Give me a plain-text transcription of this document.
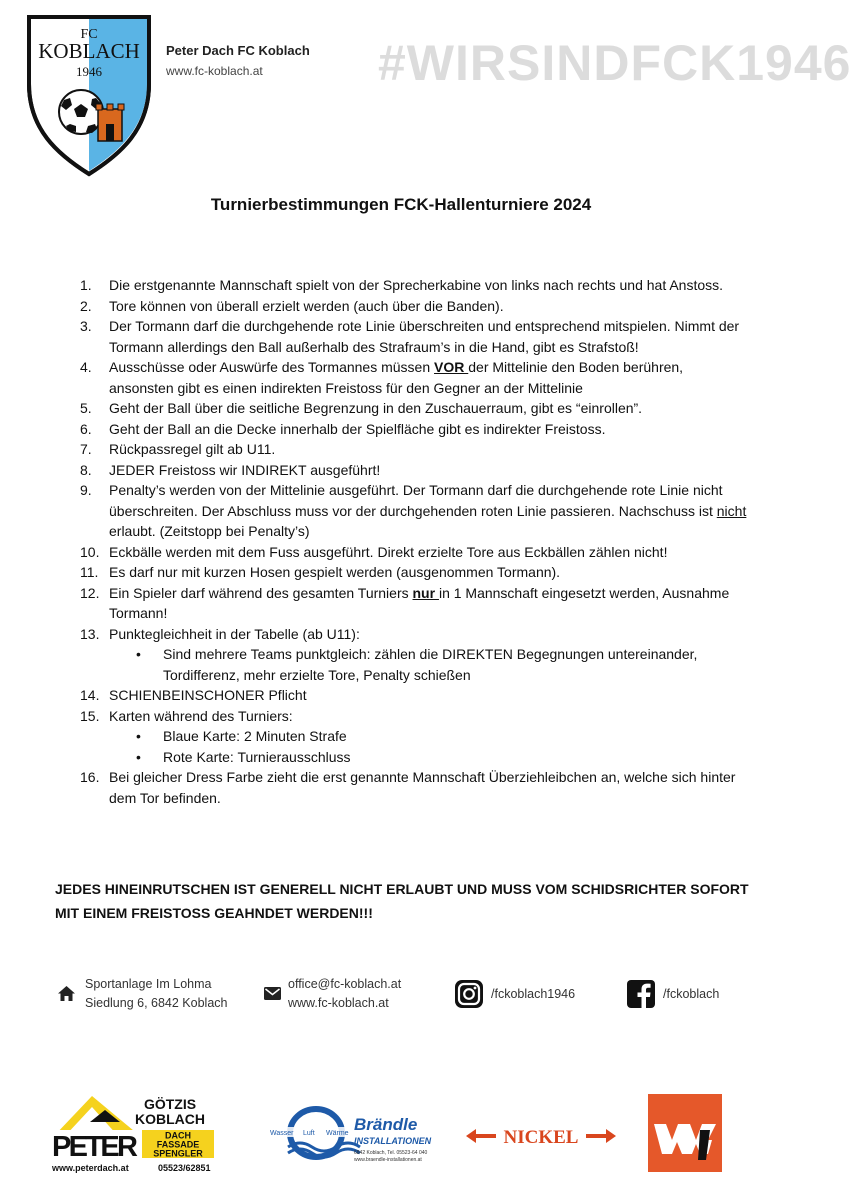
FC
KOBLACH
1946
Peter Dach FC Koblach
www.fc-koblach.at #WIRSINDFCK1946
Turnierbestimmungen FCK-Hallenturniere 2024
1. Die erstgenannte Mannschaft spielt von der Sprecherkabine von links nach rechts und hat Anstoss.
2. Tore können von überall erzielt werden (auch über die Banden).
3. Der Tormann darf die durchgehende rote Linie überschreiten und entsprechend mitspielen. Nimmt der Tormann allerdings den Ball außerhalb des Strafraum’s in die Hand, gibt es Strafstoß!
4. Ausschüsse oder Auswürfe des Tormannes müssen VOR der Mittelinie den Boden berühren, ansonsten gibt es einen indirekten Freistoss für den Gegner an der Mittelinie
5. Geht der Ball über die seitliche Begrenzung in den Zuschauerraum, gibt es “einrollen”.
6. Geht der Ball an die Decke innerhalb der Spielfläche gibt es indirekter Freistoss.
7. Rückpassregel gilt ab U11.
8. JEDER Freistoss wir INDIREKT ausgeführt!
9. Penalty’s werden von der Mittelinie ausgeführt. Der Tormann darf die durchgehende rote Linie nicht überschreiten. Der Abschluss muss vor der durchgehenden roten Linie passieren. Nachschuss ist nicht erlaubt. (Zeitstopp bei Penalty’s)
10. Eckbälle werden mit dem Fuss ausgeführt. Direkt erzielte Tore aus Eckbällen zählen nicht!
11. Es darf nur mit kurzen Hosen gespielt werden (ausgenommen Tormann).
12. Ein Spieler darf während des gesamten Turniers nur in 1 Mannschaft eingesetzt werden, Ausnahme Tormann!
13. Punktegleichheit in der Tabelle (ab U11):
• Sind mehrere Teams punktgleich: zählen die DIREKTEN Begegnungen untereinander, Tordifferenz, mehr erzielte Tore, Penalty schießen
14. SCHIENBEINSCHONER Pflicht
15. Karten während des Turniers:
• Blaue Karte: 2 Minuten Strafe
• Rote Karte: Turnierausschluss
16. Bei gleicher Dress Farbe zieht die erst genannte Mannschaft Überziehleibchen an, welche sich hinter dem Tor befinden.
JEDES HINEINRUTSCHEN IST GENERELL NICHT ERLAUBT UND MUSS VOM SCHIDSRICHTER SOFORT MIT EINEM FREISTOSS GEAHNDET WERDEN!!!
Sportanlage Im Lohma
Siedlung 6, 6842 Koblach
office@fc-koblach.at
www.fc-koblach.at
/fckoblach1946	/fckoblach
GÖTZIS
KOBLACH
PETER	DACH
FASSADE
SPENGLER
www.peterdach.at	05523/62851
Wasser Luft Wärme Brändle
INSTALLATIONEN
6842 Koblach, Tel. 05523-64 040
www.braendle-installationen.at
NICKEL
